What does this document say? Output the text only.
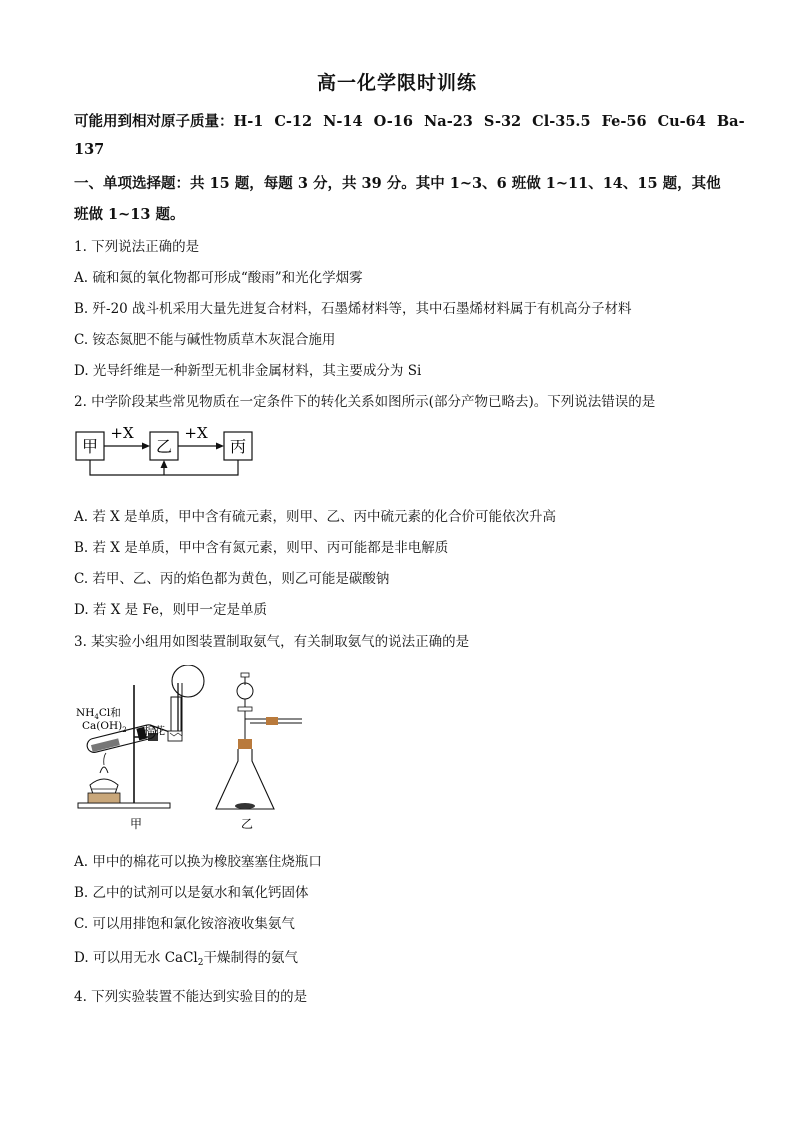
高一化学限时训练
可能用到相对原子质量：H-1 C-12 N-14 O-16 Na-23 S-32 Cl-35.5 Fe-56 Cu-64 Ba-
137
一、单项选择题：共 15 题，每题 3 分，共 39 分。其中 1~3、6 班做 1~11、14、15 题，其他
班做 1~13 题。
1. 下列说法正确的是
A. 硫和氮的氧化物都可形成“酸雨”和光化学烟雾
B. 歼-20 战斗机采用大量先进复合材料，石墨烯材料等，其中石墨烯材料属于有机高分子材料
C. 铵态氮肥不能与碱性物质草木灰混合施用
D. 光导纤维是一种新型无机非金属材料，其主要成分为 Si
2. 中学阶段某些常见物质在一定条件下的转化关系如图所示(部分产物已略去)。下列说法错误的是
甲	乙	丙
+X	+X
A. 若 X 是单质，甲中含有硫元素，则甲、乙、丙中硫元素的化合价可能依次升高
B. 若 X 是单质，甲中含有氮元素，则甲、丙可能都是非电解质
C. 若甲、乙、丙的焰色都为黄色，则乙可能是碳酸钠
D. 若 X 是 Fe，则甲一定是单质
3. 某实验小组用如图装置制取氨气，有关制取氨气的说法正确的是
$NH_4Cl$和
$Ca(OH)_2$ 棉花
甲	乙
A. 甲中的棉花可以换为橡胶塞塞住烧瓶口
B. 乙中的试剂可以是氨水和氧化钙固体
C. 可以用排饱和氯化铵溶液收集氨气
D. 可以用无水 CaCl$_2$干燥制得的氨气
4. 下列实验装置不能达到实验目的的是
